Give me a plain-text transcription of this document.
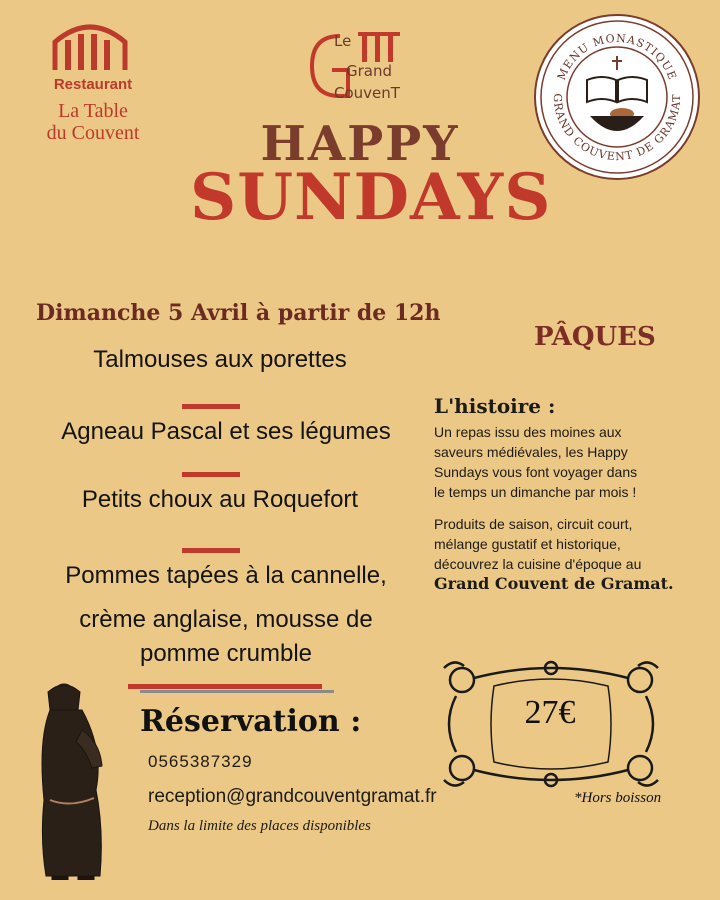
Restaurant
La Table
du Couvent
Le
Grand
CouvenT
MENU MONASTIQUE
GRAND COUVENT DE GRAMAT
HAPPY
SUNDAYS
Dimanche 5 Avril à partir de 12h
PÂQUES
Talmouses aux porettes
Agneau Pascal et ses légumes
Petits choux au Roquefort
Pommes tapées à la cannelle,
crème anglaise, mousse de
pomme crumble
L'histoire :
Un repas issu des moines aux
saveurs médiévales, les Happy
Sundays vous font voyager dans
le temps un dimanche par mois !
Produits de saison, circuit court,
mélange gustatif et historique,
découvrez la cuisine d'époque au
Grand Couvent de Gramat.
27€
*Hors boisson
Réservation :
0565387329
reception@grandcouventgramat.fr
Dans la limite des places disponibles
